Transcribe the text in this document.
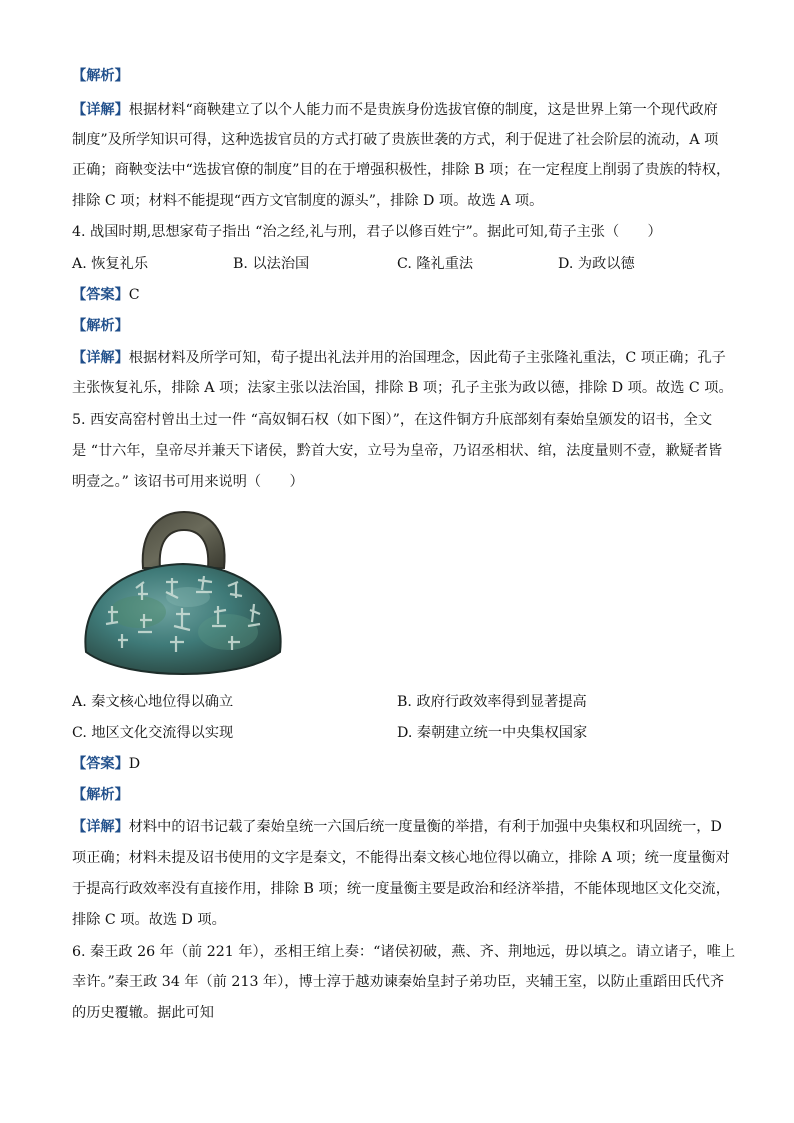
【解析】
【详解】根据材料“商鞅建立了以个人能力而不是贵族身份选拔官僚的制度，这是世界上第一个现代政府
制度”及所学知识可得，这种选拔官员的方式打破了贵族世袭的方式，利于促进了社会阶层的流动，A 项
正确；商鞅变法中“选拔官僚的制度”目的在于增强积极性，排除 B 项；在一定程度上削弱了贵族的特权，
排除 C 项；材料不能提现“西方文官制度的源头”，排除 D 项。故选 A 项。
4. 战国时期,思想家荀子指出 “治之经,礼与刑，君子以修百姓宁”。据此可知,荀子主张（　　）
A. 恢复礼乐	B. 以法治国	C. 隆礼重法	D. 为政以德
【答案】C
【解析】
【详解】根据材料及所学可知，荀子提出礼法并用的治国理念，因此荀子主张隆礼重法，C 项正确；孔子
主张恢复礼乐，排除 A 项；法家主张以法治国，排除 B 项；孔子主张为政以德，排除 D 项。故选 C 项。
5. 西安高窑村曾出土过一件 “高奴铜石权（如下图）”，在这件铜方升底部刻有秦始皇颁发的诏书，全文
是 “廿六年，皇帝尽并兼天下诸侯，黔首大安，立号为皇帝，乃诏丞相状、绾，法度量则不壹，歉疑者皆
明壹之。” 该诏书可用来说明（　　）
A. 秦文核心地位得以确立	B. 政府行政效率得到显著提高
C. 地区文化交流得以实现	D. 秦朝建立统一中央集权国家
【答案】D
【解析】
【详解】材料中的诏书记载了秦始皇统一六国后统一度量衡的举措，有利于加强中央集权和巩固统一，D
项正确；材料未提及诏书使用的文字是秦文，不能得出秦文核心地位得以确立，排除 A 项；统一度量衡对
于提高行政效率没有直接作用，排除 B 项；统一度量衡主要是政治和经济举措，不能体现地区文化交流，
排除 C 项。故选 D 项。
6. 秦王政 26 年（前 221 年），丞相王绾上奏：“诸侯初破，燕、齐、荆地远，毋以填之。请立诸子，唯上
幸许。”秦王政 34 年（前 213 年），博士淳于越劝谏秦始皇封子弟功臣，夹辅王室，以防止重蹈田氏代齐
的历史覆辙。据此可知
